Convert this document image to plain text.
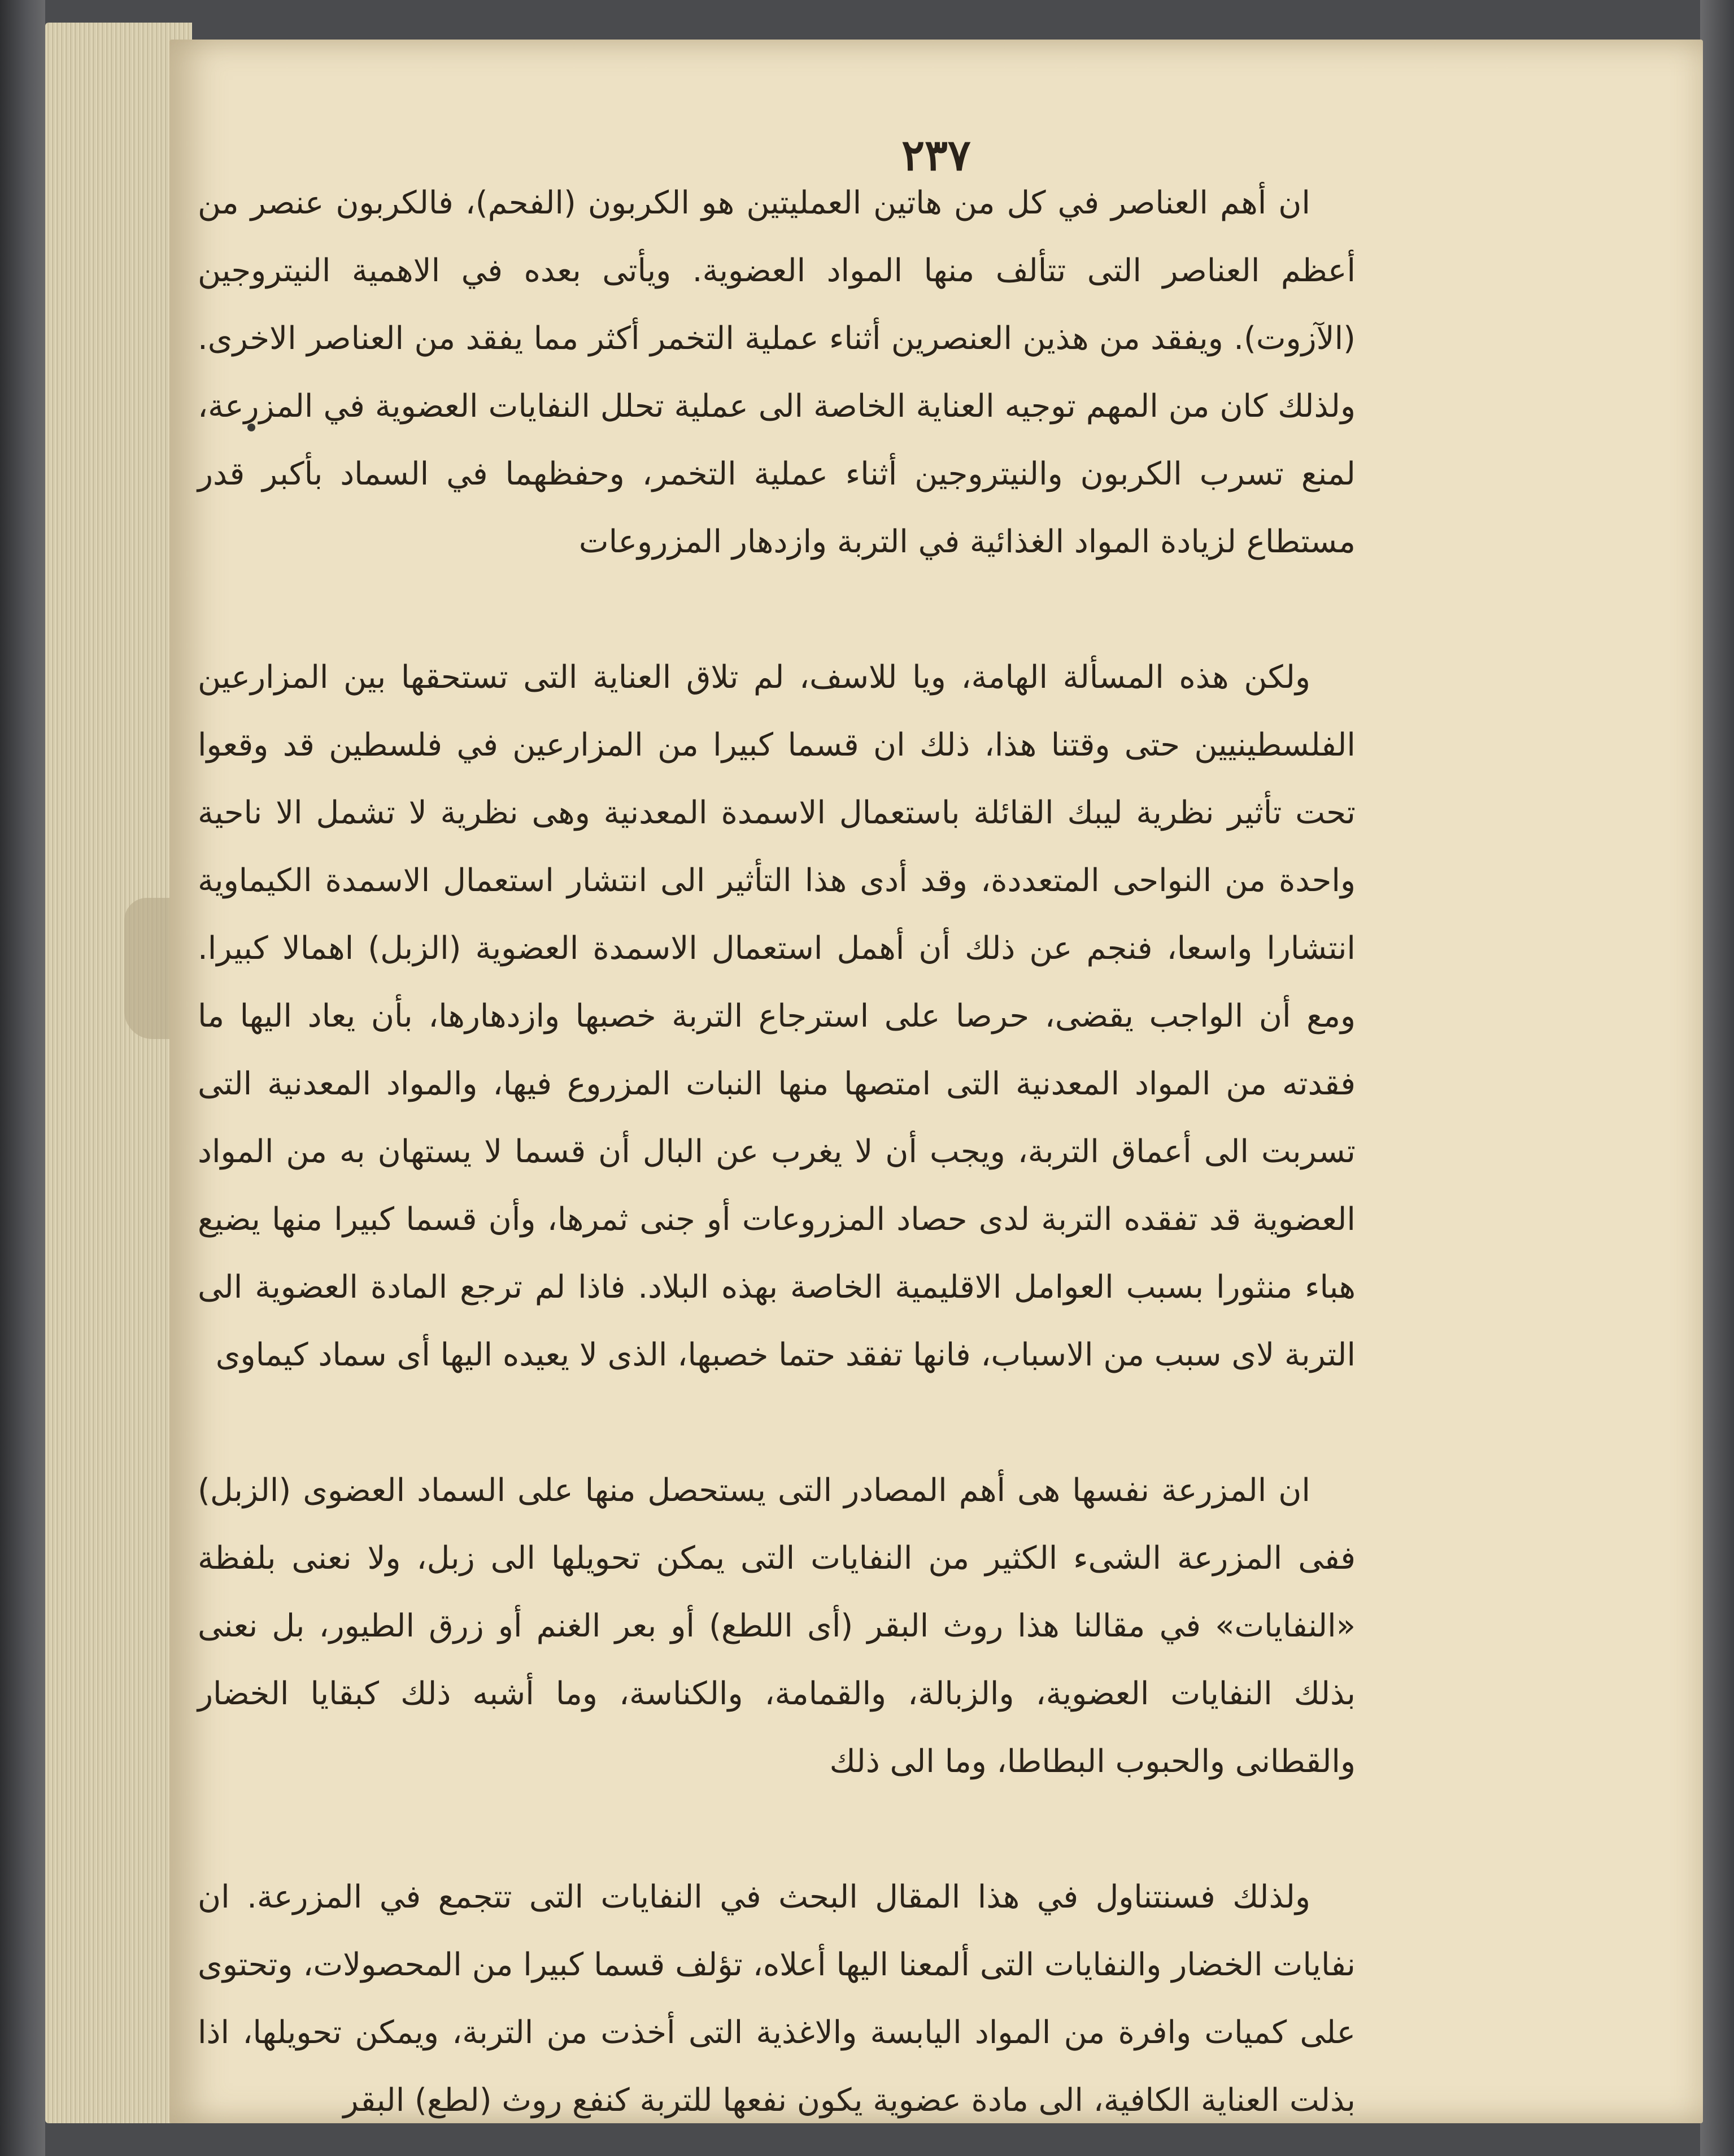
٢٣٧

ان أهم العناصر في كل من هاتين العمليتين هو الكربون (الفحم)، فالكربون عنصر من أعظم العناصر التى تتألف منها المواد العضوية. ويأتى بعده في الاهمية النيتروجين (الآزوت). ويفقد من هذين العنصرين أثناء عملية التخمر أكثر مما يفقد من العناصر الاخرى. ولذلك كان من المهم توجيه العناية الخاصة الى عملية تحلل النفايات العضوية في المزرعة، لمنع تسرب الكربون والنيتروجين أثناء عملية التخمر، وحفظهما في السماد بأكبر قدر مستطاع لزيادة المواد الغذائية في التربة وازدهار المزروعات

ولكن هذه المسألة الهامة، ويا للاسف، لم تلاق العناية التى تستحقها بين المزارعين الفلسطينيين حتى وقتنا هذا، ذلك ان قسما كبيرا من المزارعين في فلسطين قد وقعوا تحت تأثير نظرية ليبك القائلة باستعمال الاسمدة المعدنية وهى نظرية لا تشمل الا ناحية واحدة من النواحى المتعددة، وقد أدى هذا التأثير الى انتشار استعمال الاسمدة الكيماوية انتشارا واسعا، فنجم عن ذلك أن أهمل استعمال الاسمدة العضوية (الزبل) اهمالا كبيرا. ومع أن الواجب يقضى، حرصا على استرجاع التربة خصبها وازدهارها، بأن يعاد اليها ما فقدته من المواد المعدنية التى امتصها منها النبات المزروع فيها، والمواد المعدنية التى تسربت الى أعماق التربة، ويجب أن لا يغرب عن البال أن قسما لا يستهان به من المواد العضوية قد تفقده التربة لدى حصاد المزروعات أو جنى ثمرها، وأن قسما كبيرا منها يضيع هباء منثورا بسبب العوامل الاقليمية الخاصة بهذه البلاد. فاذا لم ترجع المادة العضوية الى التربة لاى سبب من الاسباب، فانها تفقد حتما خصبها، الذى لا يعيده اليها أى سماد كيماوى

ان المزرعة نفسها هى أهم المصادر التى يستحصل منها على السماد العضوى (الزبل) ففى المزرعة الشىء الكثير من النفايات التى يمكن تحويلها الى زبل، ولا نعنى بلفظة «النفايات» في مقالنا هذا روث البقر (أى اللطع) أو بعر الغنم أو زرق الطيور، بل نعنى بذلك النفايات العضوية، والزبالة، والقمامة، والكناسة، وما أشبه ذلك كبقايا الخضار والقطانى والحبوب البطاطا، وما الى ذلك

ولذلك فسنتناول في هذا المقال البحث في النفايات التى تتجمع في المزرعة. ان نفايات الخضار والنفايات التى ألمعنا اليها أعلاه، تؤلف قسما كبيرا من المحصولات، وتحتوى على كميات وافرة من المواد اليابسة والاغذية التى أخذت من التربة، ويمكن تحويلها، اذا بذلت العناية الكافية، الى مادة عضوية يكون نفعها للتربة كنفع روث (لطع) البقر
